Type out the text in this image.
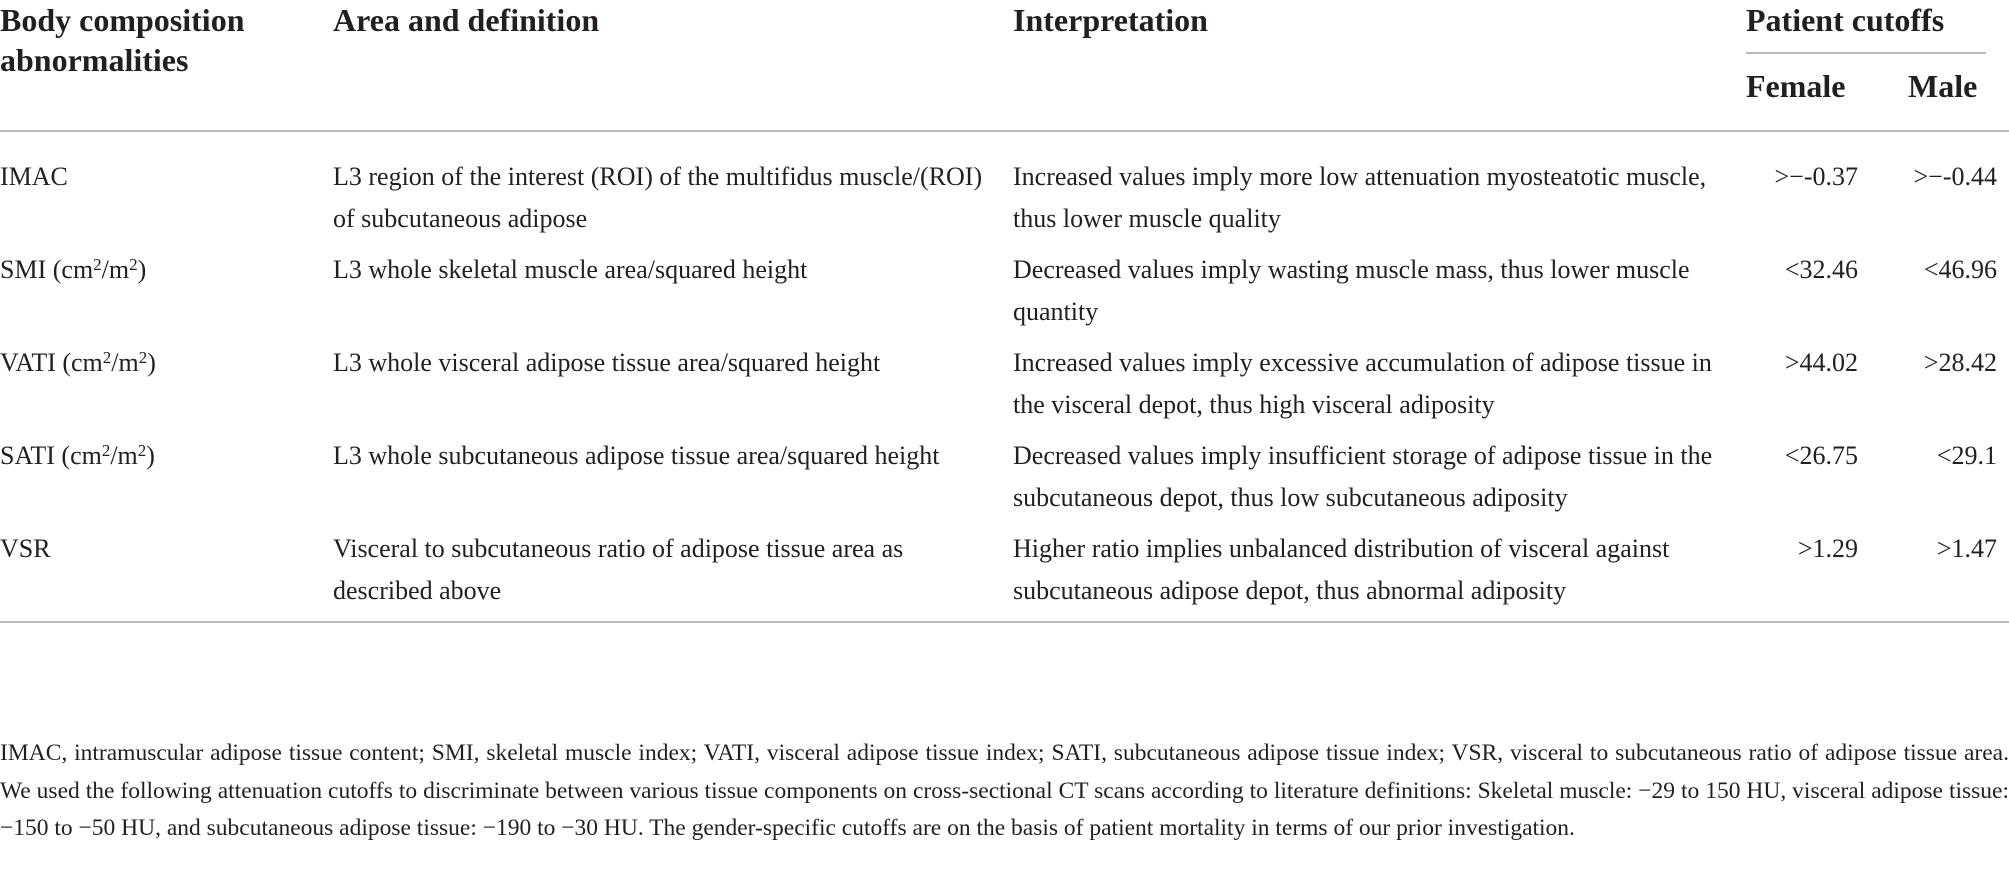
Body composition abnormalities	Area and definition	Interpretation	Patient cutoffs	
			Female	Male

IMAC	L3 region of the interest (ROI) of the multifidus muscle/(ROI) of subcutaneous adipose	Increased values imply more low attenuation myosteatotic muscle, thus lower muscle quality	>−-0.37	>−-0.44
SMI $(cm^2/m^2)$	L3 whole skeletal muscle area/squared height	Decreased values imply wasting muscle mass, thus lower muscle quantity	<32.46	<46.96
VATI $(cm^2/m^2)$	L3 whole visceral adipose tissue area/squared height	Increased values imply excessive accumulation of adipose tissue in the visceral depot, thus high visceral adiposity	>44.02	>28.42
SATI $(cm^2/m^2)$	L3 whole subcutaneous adipose tissue area/squared height	Decreased values imply insufficient storage of adipose tissue in the subcutaneous depot, thus low subcutaneous adiposity	<26.75	<29.1
VSR	Visceral to subcutaneous ratio of adipose tissue area as described above	Higher ratio implies unbalanced distribution of visceral against subcutaneous adipose depot, thus abnormal adiposity	>1.29	>1.47

IMAC, intramuscular adipose tissue content; SMI, skeletal muscle index; VATI, visceral adipose tissue index; SATI, subcutaneous adipose tissue index; VSR, visceral to subcutaneous ratio of adipose tissue area. We used the following attenuation cutoffs to discriminate between various tissue components on cross-sectional CT scans according to literature definitions: Skeletal muscle: −29 to 150 HU, visceral adipose tissue: −150 to −50 HU, and subcutaneous adipose tissue: −190 to −30 HU. The gender-specific cutoffs are on the basis of patient mortality in terms of our prior investigation.
